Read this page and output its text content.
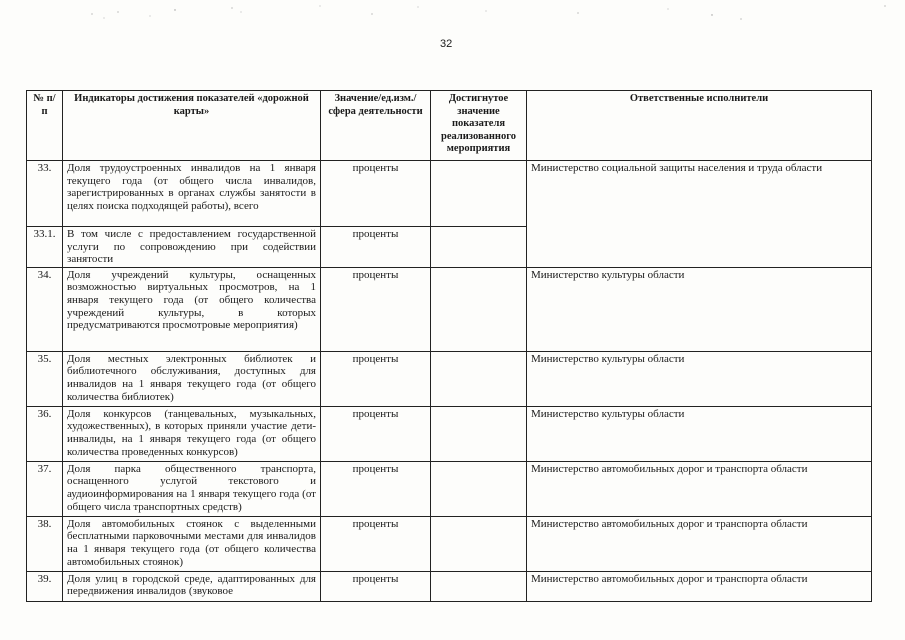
32
№ п/п	Индикаторы достижения показателей «дорожной карты»	Значение/ед.изм./ сфера деятельности	Достигнутое значение показателя реализованного мероприятия	Ответственные исполнители
33.	Доля трудоустроенных инвалидов на 1 января текущего года (от общего числа инвалидов, зарегистрированных в органах службы занятости в целях поиска подходящей работы), всего	проценты		Министерство социальной защиты населения и труда области
33.1.	В том числе с предоставлением государственной услуги по сопровождению при содействии занятости	проценты		
34.	Доля учреждений культуры, оснащенных возможностью виртуальных просмотров, на 1 января текущего года (от общего количества учреждений культуры, в которых предусматриваются просмотровые мероприятия)	проценты		Министерство культуры области
35.	Доля местных электронных библиотек и библиотечного обслуживания, доступных для инвалидов на 1 января текущего года (от общего количества библиотек)	проценты		Министерство культуры области
36.	Доля конкурсов (танцевальных, музыкальных, художественных), в которых приняли участие дети-инвалиды, на 1 января текущего года (от общего количества проведенных конкурсов)	проценты		Министерство культуры области
37.	Доля парка общественного транспорта, оснащенного услугой текстового и аудиоинформирования на 1 января текущего года (от общего числа транспортных средств)	проценты		Министерство автомобильных дорог и транспорта области
38.	Доля автомобильных стоянок с выделенными бесплатными парковочными местами для инвалидов на 1 января текущего года (от общего количества автомобильных стоянок)	проценты		Министерство автомобильных дорог и транспорта области
39.	Доля улиц в городской среде, адаптированных для передвижения инвалидов (звуковое	проценты		Министерство автомобильных дорог и транспорта области
